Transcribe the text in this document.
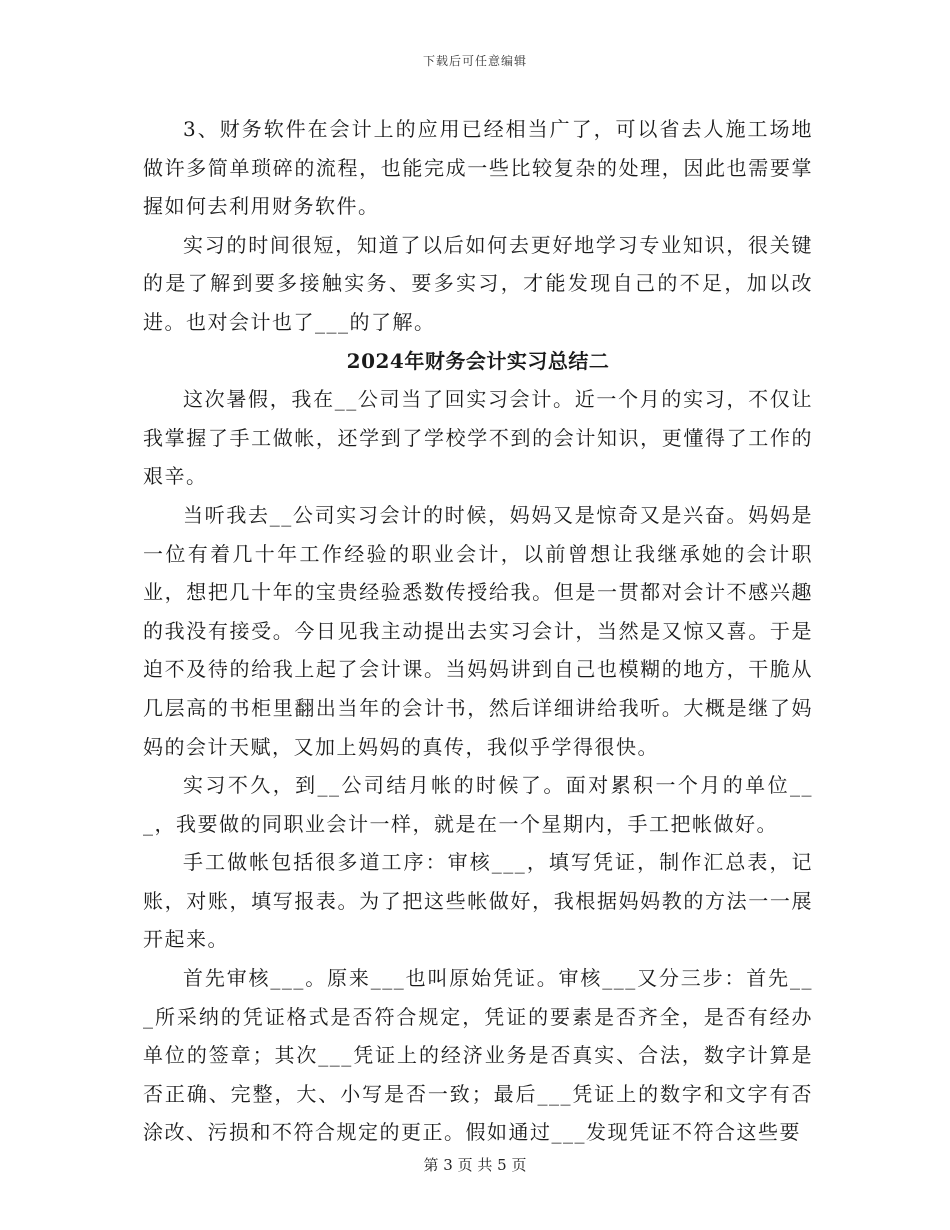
下载后可任意编辑

3、财务软件在会计上的应用已经相当广了，可以省去人施工场地做许多简单琐碎的流程，也能完成一些比较复杂的处理，因此也需要掌握如何去利用财务软件。

实习的时间很短，知道了以后如何去更好地学习专业知识，很关键的是了解到要多接触实务、要多实习，才能发现自己的不足，加以改进。也对会计也了___的了解。

2024年财务会计实习总结二

这次暑假，我在__公司当了回实习会计。近一个月的实习，不仅让我掌握了手工做帐，还学到了学校学不到的会计知识，更懂得了工作的艰辛。

当听我去__公司实习会计的时候，妈妈又是惊奇又是兴奋。妈妈是一位有着几十年工作经验的职业会计，以前曾想让我继承她的会计职业，想把几十年的宝贵经验悉数传授给我。但是一贯都对会计不感兴趣的我没有接受。今日见我主动提出去实习会计，当然是又惊又喜。于是迫不及待的给我上起了会计课。当妈妈讲到自己也模糊的地方，干脆从几层高的书柜里翻出当年的会计书，然后详细讲给我听。大概是继了妈妈的会计天赋，又加上妈妈的真传，我似乎学得很快。

实习不久，到__公司结月帐的时候了。面对累积一个月的单位___，我要做的同职业会计一样，就是在一个星期内，手工把帐做好。

手工做帐包括很多道工序：审核___，填写凭证，制作汇总表，记账，对账，填写报表。为了把这些帐做好，我根据妈妈教的方法一一展开起来。

首先审核___。原来___也叫原始凭证。审核___又分三步：首先___所采纳的凭证格式是否符合规定，凭证的要素是否齐全，是否有经办单位的签章；其次___凭证上的经济业务是否真实、合法，数字计算是否正确、完整，大、小写是否一致；最后___凭证上的数字和文字有否涂改、污损和不符合规定的更正。假如通过___发现凭证不符合这些要

第 3 页 共 5 页
